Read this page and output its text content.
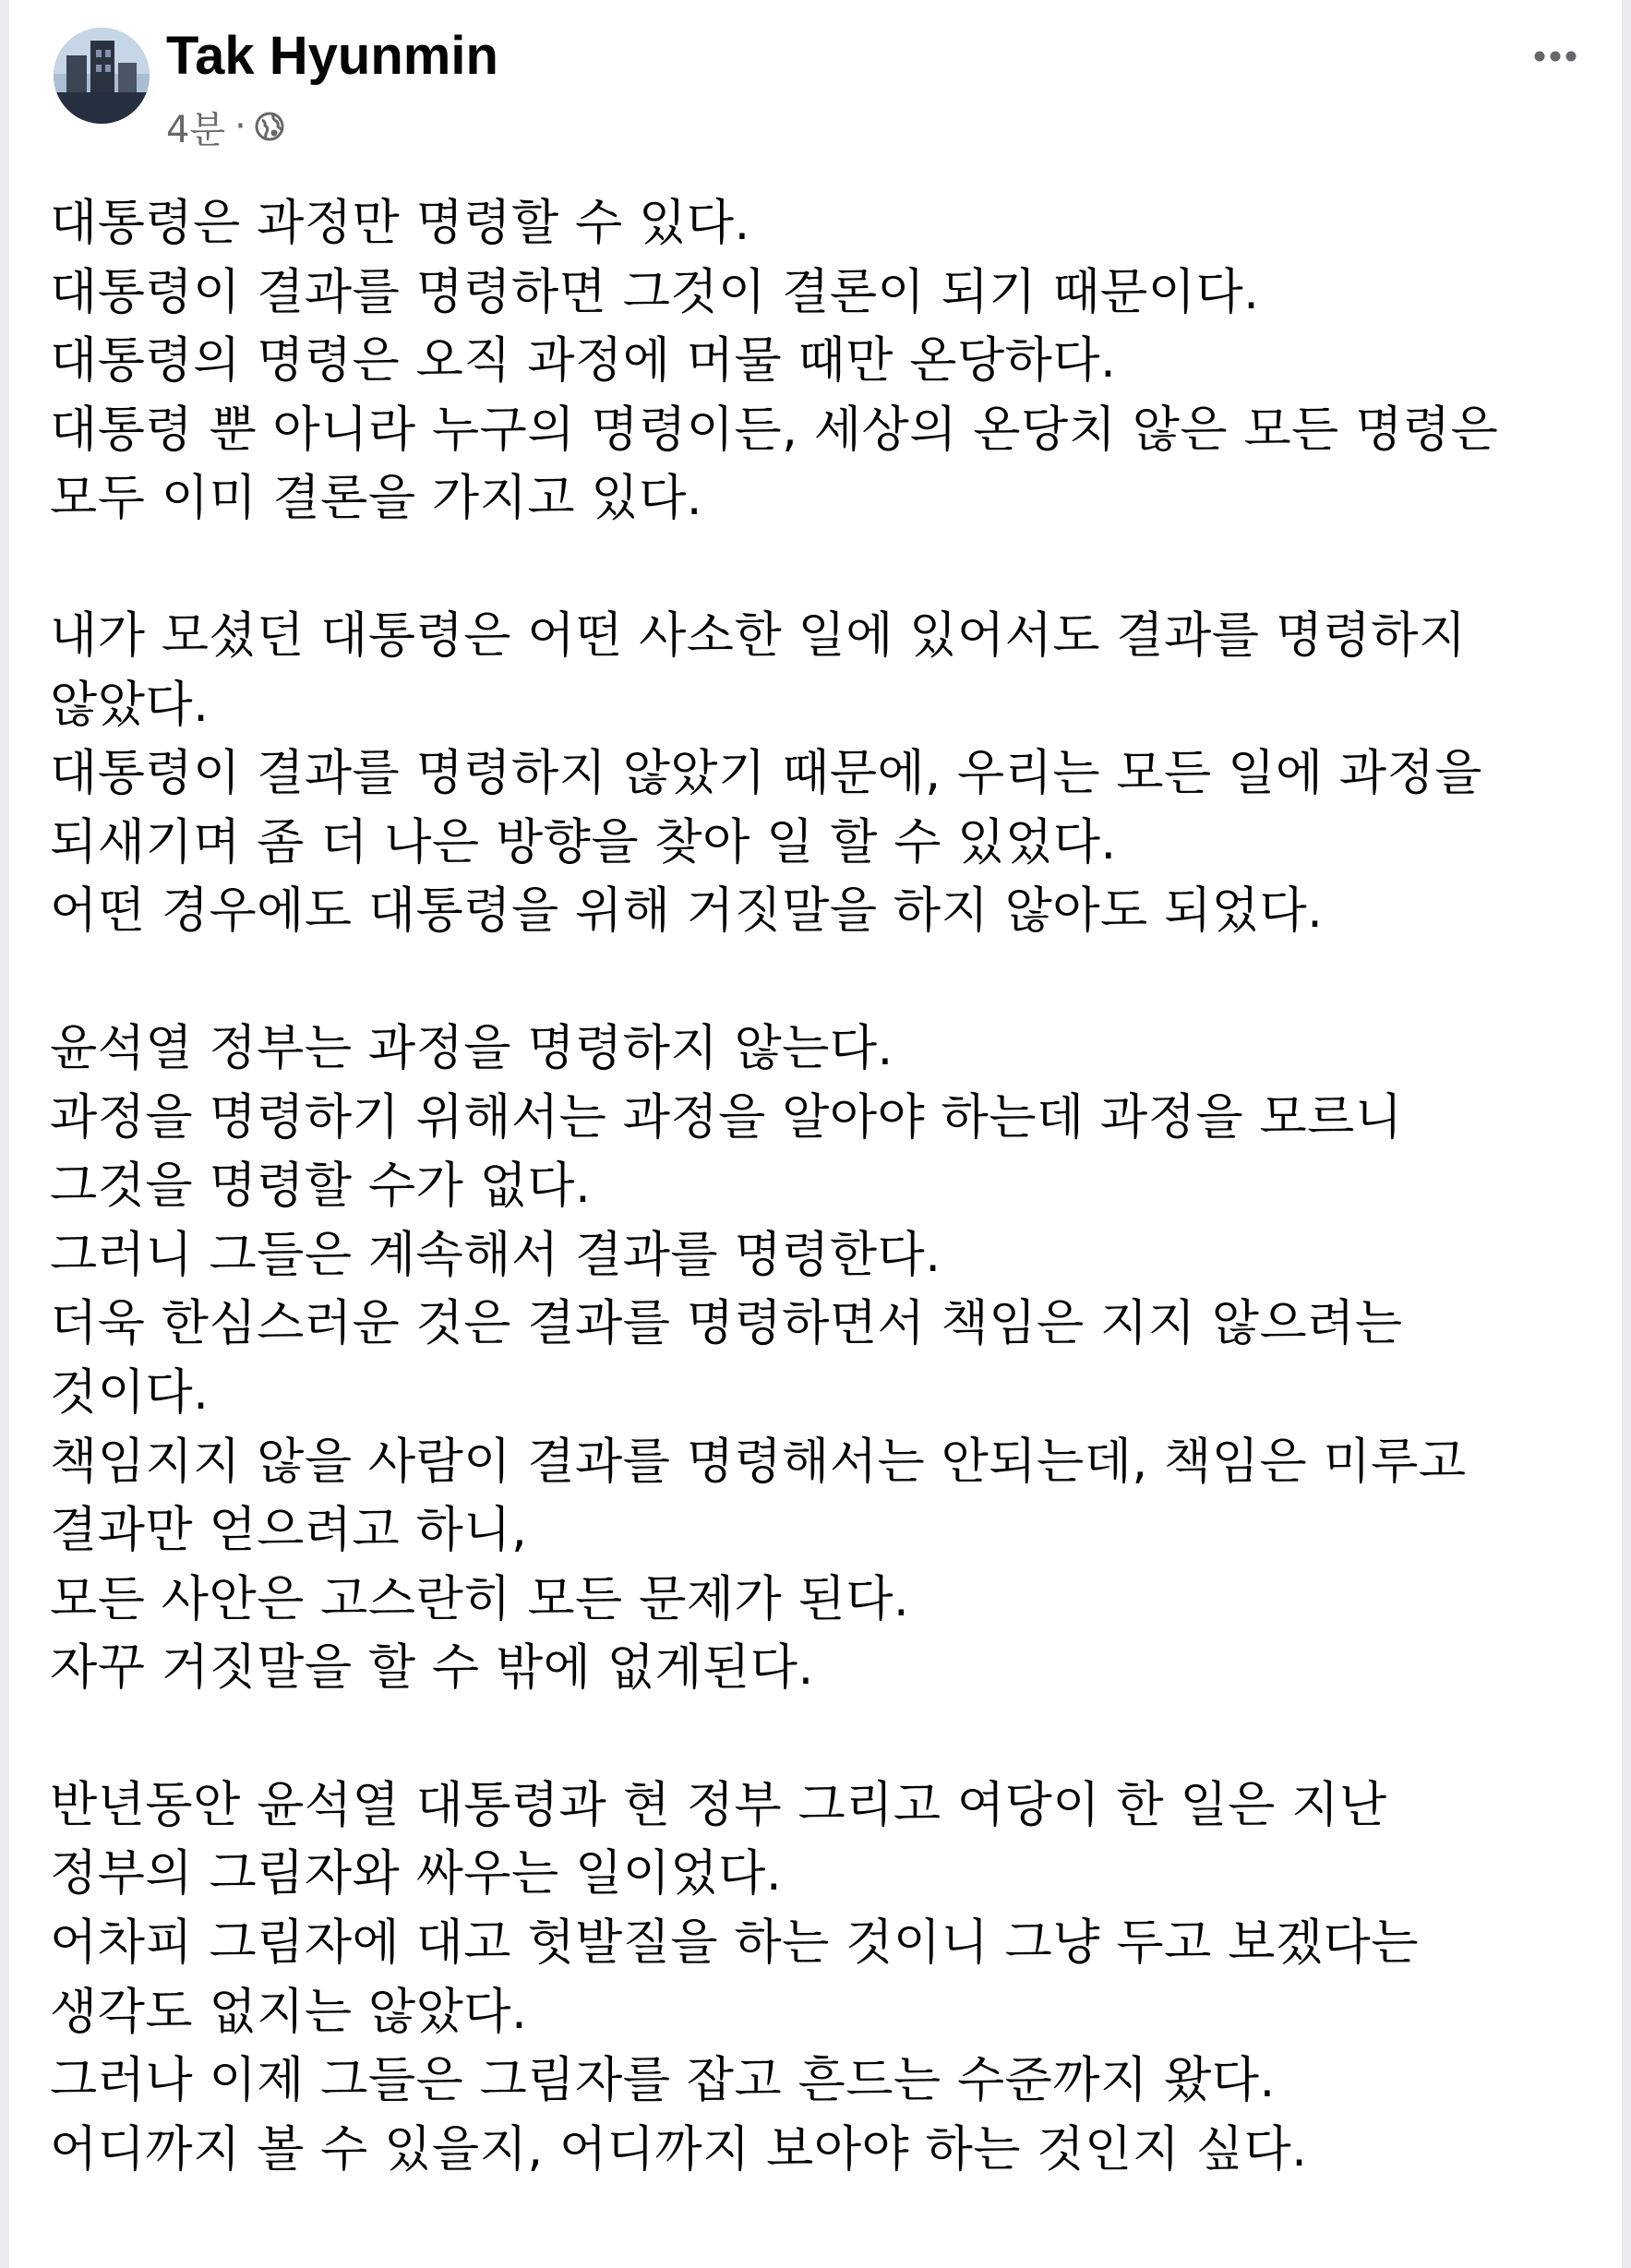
Tak Hyunmin
4분 ·
대통령은 과정만 명령할 수 있다.
대통령이 결과를 명령하면 그것이 결론이 되기 때문이다.
대통령의 명령은 오직 과정에 머물 때만 온당하다.
대통령 뿐 아니라 누구의 명령이든, 세상의 온당치 않은 모든 명령은
모두 이미 결론을 가지고 있다.
내가 모셨던 대통령은 어떤 사소한 일에 있어서도 결과를 명령하지
않았다.
대통령이 결과를 명령하지 않았기 때문에, 우리는 모든 일에 과정을
되새기며 좀 더 나은 방향을 찾아 일 할 수 있었다.
어떤 경우에도 대통령을 위해 거짓말을 하지 않아도 되었다.
윤석열 정부는 과정을 명령하지 않는다.
과정을 명령하기 위해서는 과정을 알아야 하는데 과정을 모르니
그것을 명령할 수가 없다.
그러니 그들은 계속해서 결과를 명령한다.
더욱 한심스러운 것은 결과를 명령하면서 책임은 지지 않으려는
것이다.
책임지지 않을 사람이 결과를 명령해서는 안되는데, 책임은 미루고
결과만 얻으려고 하니,
모든 사안은 고스란히 모든 문제가 된다.
자꾸 거짓말을 할 수 밖에 없게된다.
반년동안 윤석열 대통령과 현 정부 그리고 여당이 한 일은 지난
정부의 그림자와 싸우는 일이었다.
어차피 그림자에 대고 헛발질을 하는 것이니 그냥 두고 보겠다는
생각도 없지는 않았다.
그러나 이제 그들은 그림자를 잡고 흔드는 수준까지 왔다.
어디까지 볼 수 있을지, 어디까지 보아야 하는 것인지 싶다.
